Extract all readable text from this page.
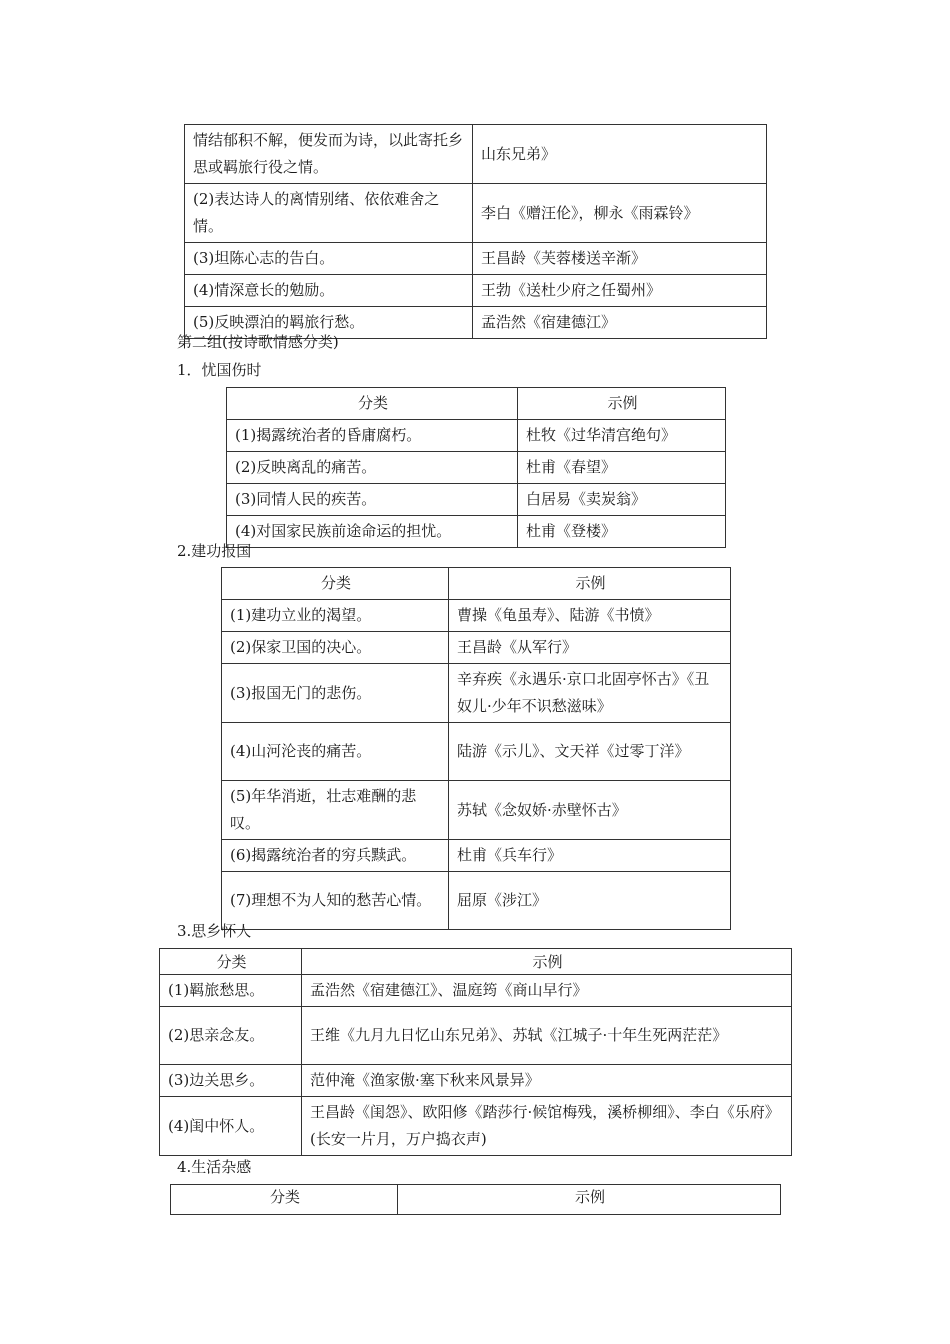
情结郁积不解，便发而为诗，以此寄托乡思或羁旅行役之情。	山东兄弟》
(2)表达诗人的离情别绪、依依难舍之情。	李白《赠汪伦》，柳永《雨霖铃》
(3)坦陈心志的告白。	王昌龄《芙蓉楼送辛渐》
(4)情深意长的勉励。	王勃《送杜少府之任蜀州》
(5)反映漂泊的羁旅行愁。	孟浩然《宿建德江》
第二组(按诗歌情感分类)
1．忧国伤时
分类	示例
(1)揭露统治者的昏庸腐朽。	杜牧《过华清宫绝句》
(2)反映离乱的痛苦。	杜甫《春望》
(3)同情人民的疾苦。	白居易《卖炭翁》
(4)对国家民族前途命运的担忧。	杜甫《登楼》
2.建功报国
分类	示例
(1)建功立业的渴望。	曹操《龟虽寿》、陆游《书愤》
(2)保家卫国的决心。	王昌龄《从军行》
(3)报国无门的悲伤。	辛弃疾《永遇乐·京口北固亭怀古》《丑奴儿·少年不识愁滋味》
(4)山河沦丧的痛苦。	陆游《示儿》、文天祥《过零丁洋》
(5)年华消逝，壮志难酬的悲叹。	苏轼《念奴娇·赤壁怀古》
(6)揭露统治者的穷兵黩武。	杜甫《兵车行》
(7)理想不为人知的愁苦心情。	屈原《涉江》
3.思乡怀人
分类	示例
(1)羁旅愁思。	孟浩然《宿建德江》、温庭筠《商山早行》
(2)思亲念友。	王维《九月九日忆山东兄弟》、苏轼《江城子·十年生死两茫茫》
(3)边关思乡。	范仲淹《渔家傲·塞下秋来风景异》
(4)闺中怀人。	王昌龄《闺怨》、欧阳修《踏莎行·候馆梅残，溪桥柳细》、李白《乐府》(长安一片月，万户捣衣声)
4.生活杂感
分类	示例
